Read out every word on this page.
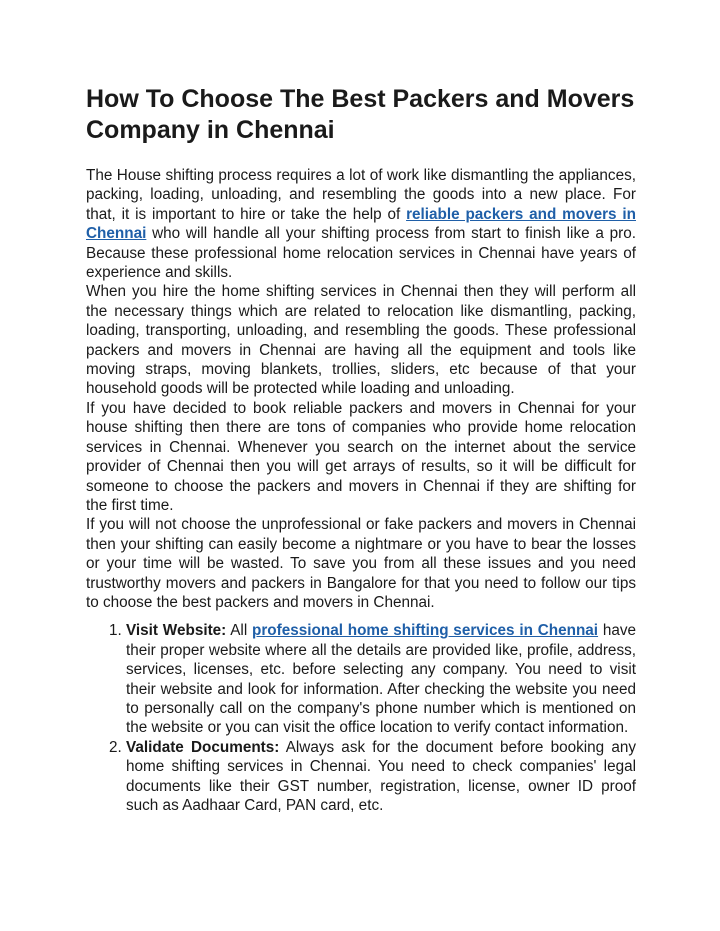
How To Choose The Best Packers and Movers Company in Chennai

The House shifting process requires a lot of work like dismantling the appliances, packing, loading, unloading, and resembling the goods into a new place. For that, it is important to hire or take the help of reliable packers and movers in Chennai who will handle all your shifting process from start to finish like a pro. Because these professional home relocation services in Chennai have years of experience and skills.

When you hire the home shifting services in Chennai then they will perform all the necessary things which are related to relocation like dismantling, packing, loading, transporting, unloading, and resembling the goods. These professional packers and movers in Chennai are having all the equipment and tools like moving straps, moving blankets, trollies, sliders, etc because of that your household goods will be protected while loading and unloading.

If you have decided to book reliable packers and movers in Chennai for your house shifting then there are tons of companies who provide home relocation services in Chennai. Whenever you search on the internet about the service provider of Chennai then you will get arrays of results, so it will be difficult for someone to choose the packers and movers in Chennai if they are shifting for the first time.

If you will not choose the unprofessional or fake packers and movers in Chennai then your shifting can easily become a nightmare or you have to bear the losses or your time will be wasted. To save you from all these issues and you need trustworthy movers and packers in Bangalore for that you need to follow our tips to choose the best packers and movers in Chennai.

1. Visit Website: All professional home shifting services in Chennai have their proper website where all the details are provided like, profile, address, services, licenses, etc. before selecting any company. You need to visit their website and look for information. After checking the website you need to personally call on the company's phone number which is mentioned on the website or you can visit the office location to verify contact information.
2. Validate Documents: Always ask for the document before booking any home shifting services in Chennai. You need to check companies' legal documents like their GST number, registration, license, owner ID proof such as Aadhaar Card, PAN card, etc.
